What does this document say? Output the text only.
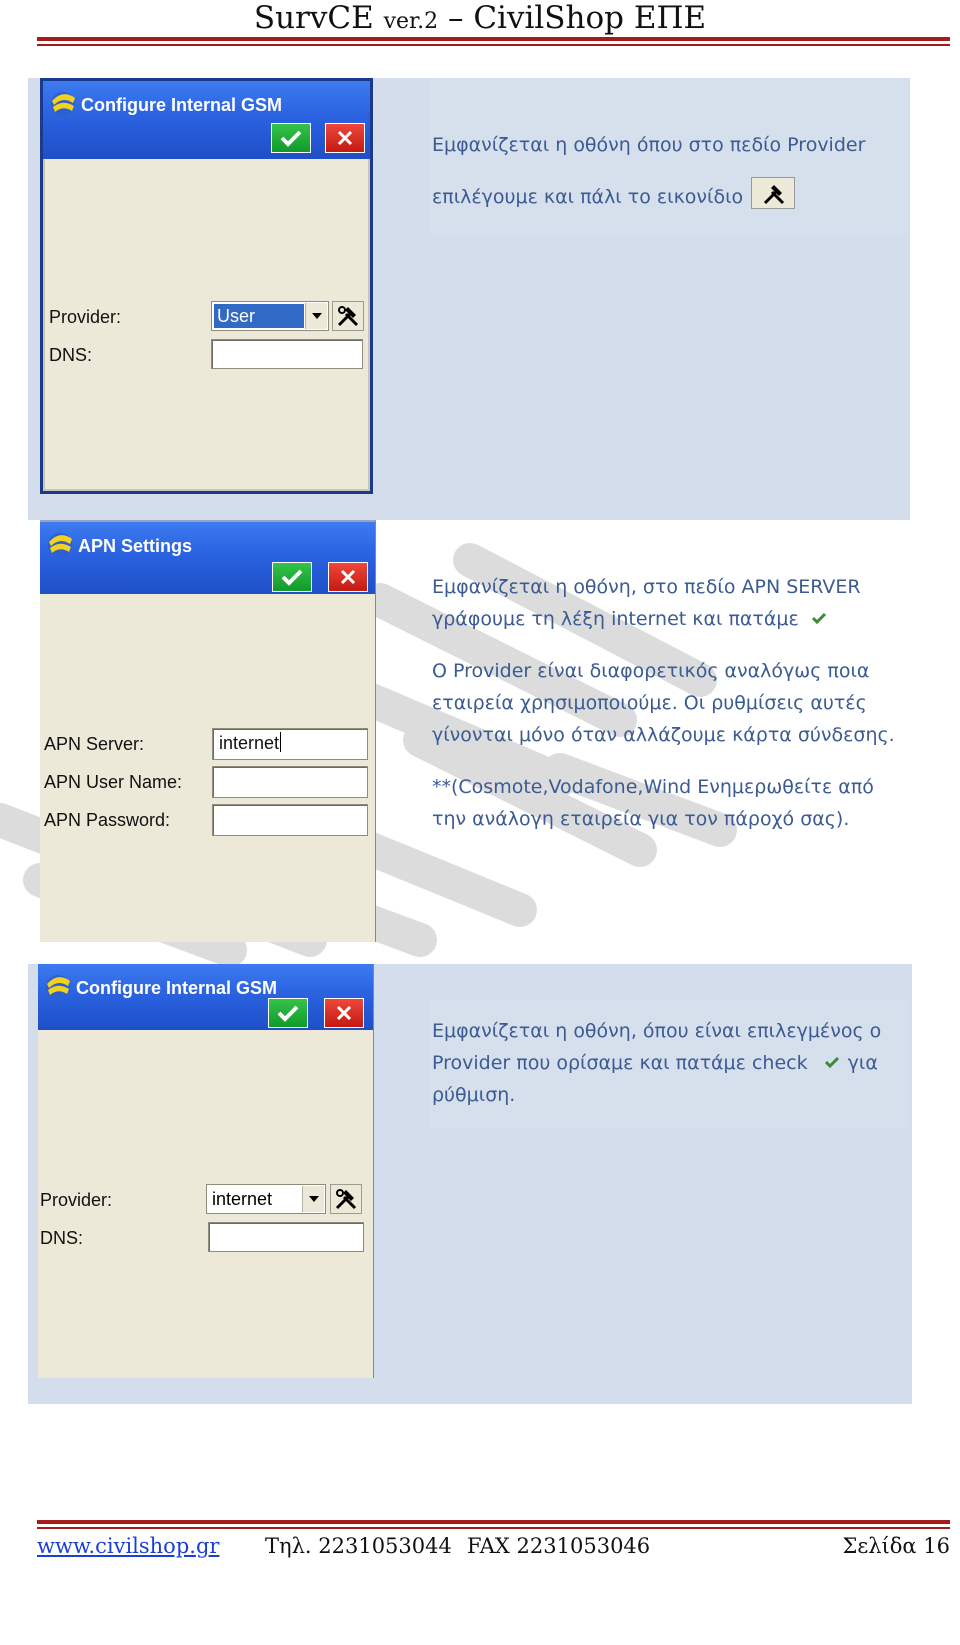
SurvCE ver.2 – CivilShop ΕΠΕ
Configure Internal GSM
Provider:	User
DNS:

Εμφανίζεται η οθόνη όπου στο πεδίο Provider

επιλέγουμε και πάλι το εικονίδιο

APN Settings
APN Server:	internet
APN User Name:
APN Password:

Εμφανίζεται η οθόνη, στο πεδίο APN SERVER

γράφουμε τη λέξη internet και πατάμε

Ο Provider είναι διαφορετικός αναλόγως ποια

εταιρεία χρησιμοποιούμε. Οι ρυθμίσεις αυτές

γίνονται μόνο όταν αλλάζουμε κάρτα σύνδεσης.

**(Cosmote,Vodafone,Wind Ενημερωθείτε από

την ανάλογη εταιρεία για τον πάροχό σας).

Configure Internal GSM
Provider:	internet
DNS:

Εμφανίζεται η οθόνη, όπου είναι επιλεγμένος ο

Provider που ορίσαμε και πατάμε check για

ρύθμιση.

www.civilshop.gr Τηλ. 2231053044 FAX 2231053046	Σελίδα 16
